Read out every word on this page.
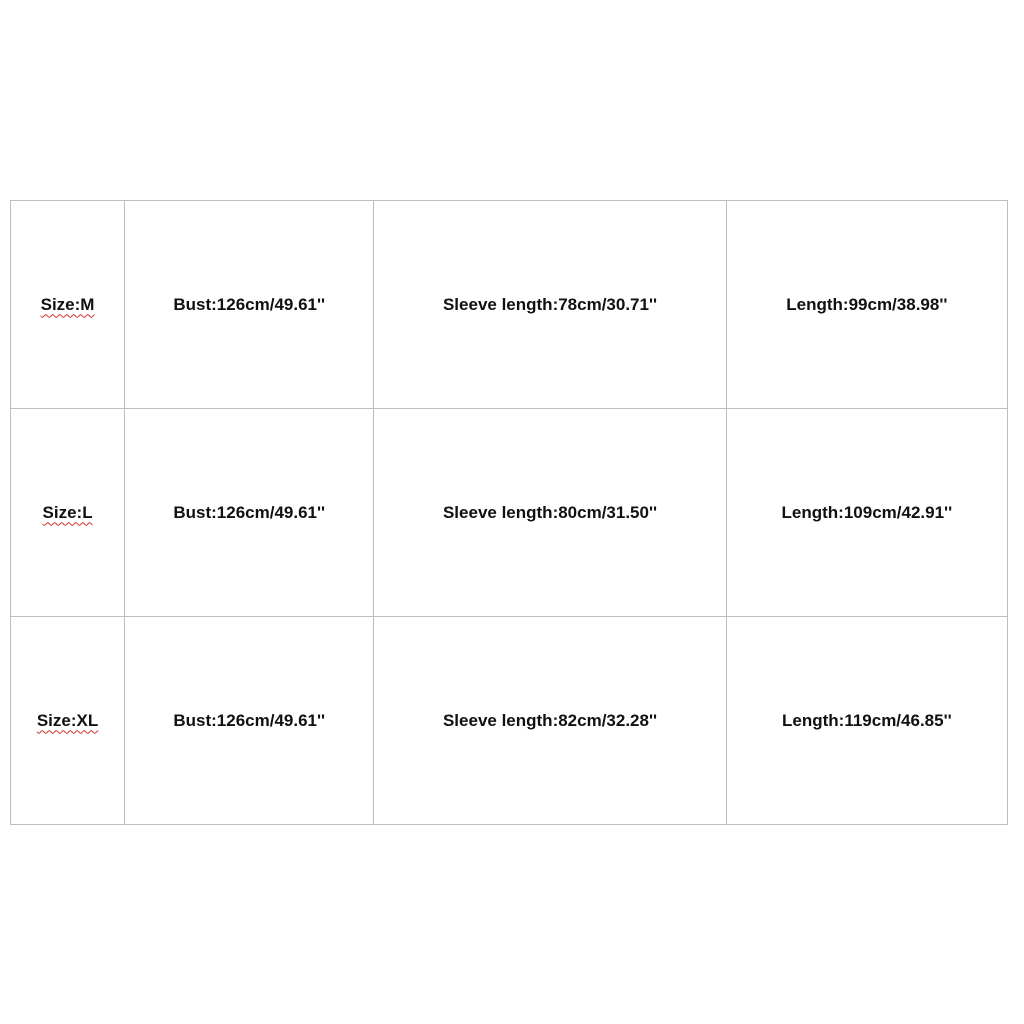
Size:M	Bust:126cm/49.61''	Sleeve length:78cm/30.71''	Length:99cm/38.98''
Size:L	Bust:126cm/49.61''	Sleeve length:80cm/31.50''	Length:109cm/42.91''
Size:XL	Bust:126cm/49.61''	Sleeve length:82cm/32.28''	Length:119cm/46.85''
